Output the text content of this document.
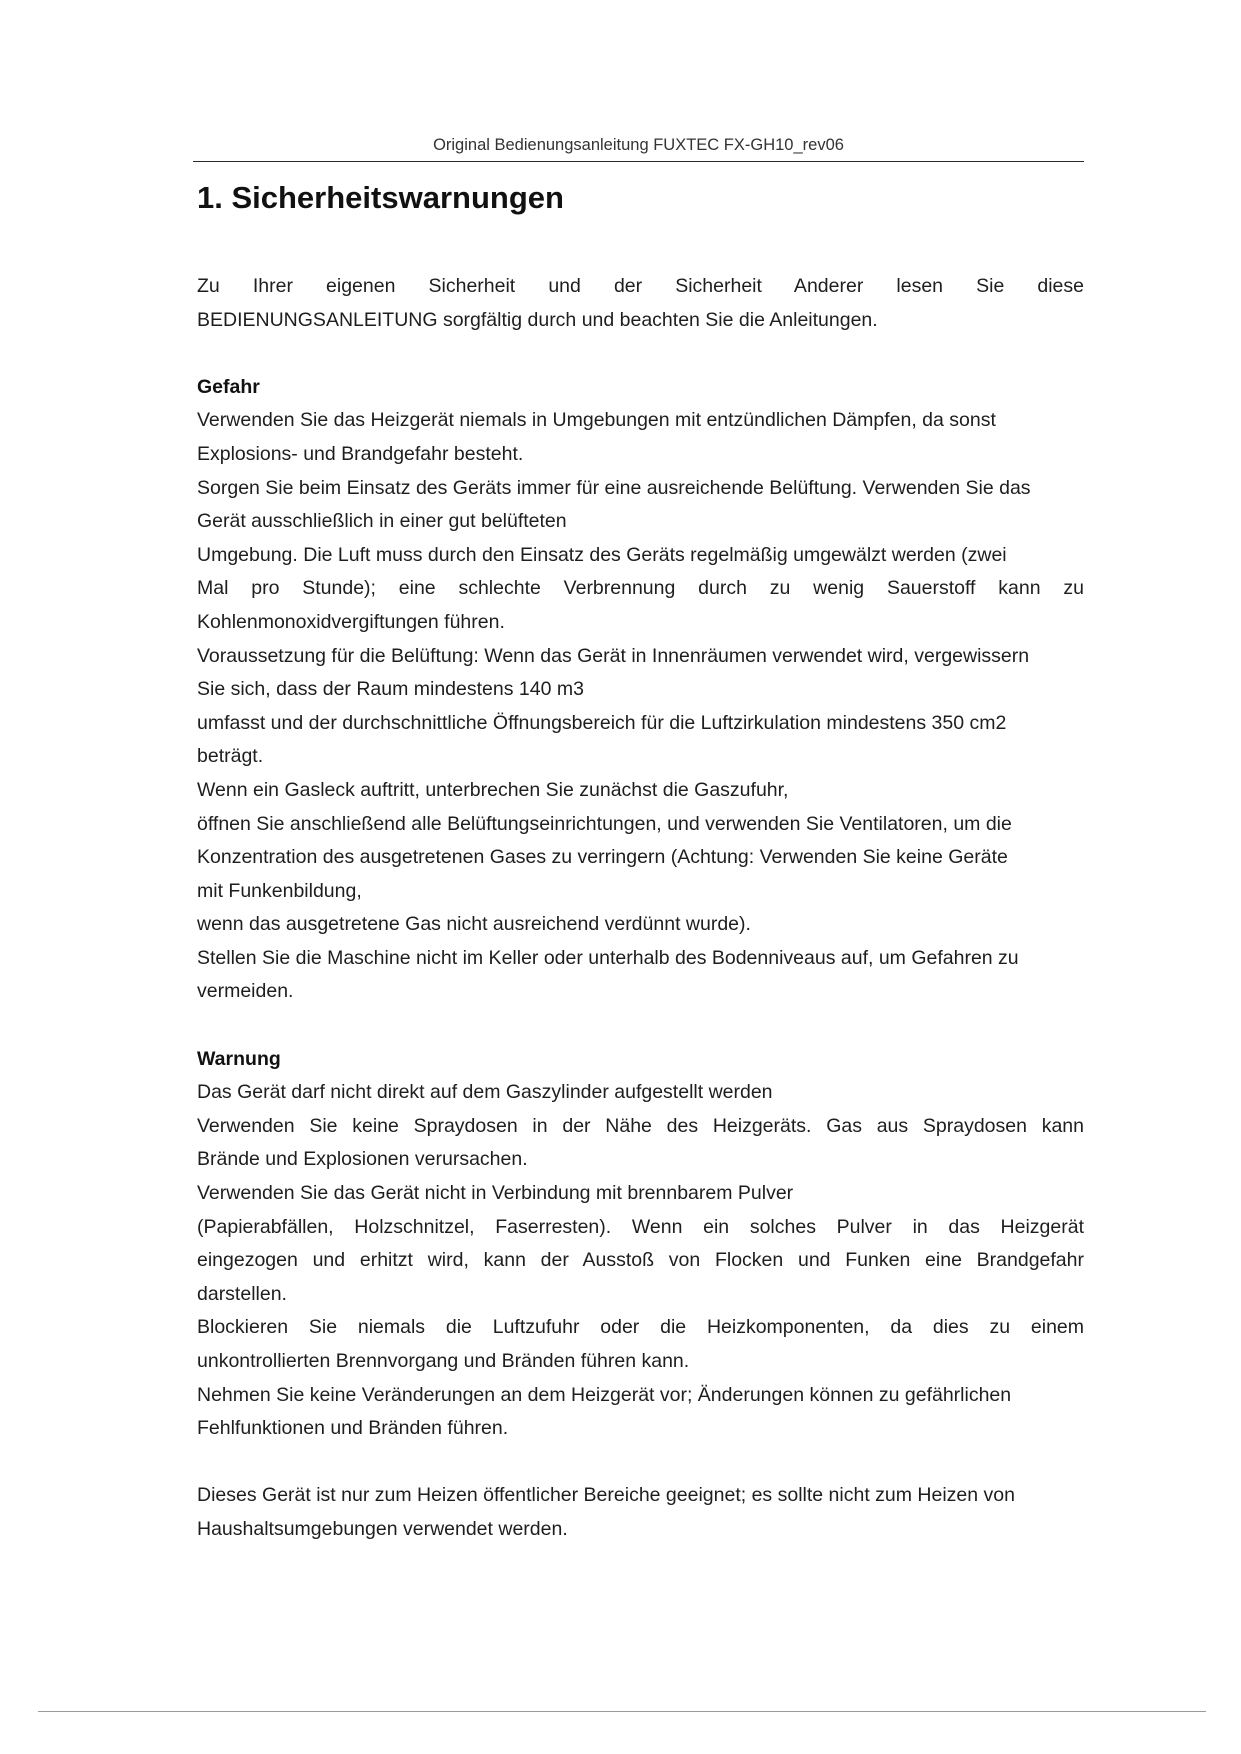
Original Bedienungsanleitung FUXTEC FX-GH10_rev06
1. Sicherheitswarnungen
Zu Ihrer eigenen Sicherheit und der Sicherheit Anderer lesen Sie diese
BEDIENUNGSANLEITUNG sorgfältig durch und beachten Sie die Anleitungen.
Gefahr
Verwenden Sie das Heizgerät niemals in Umgebungen mit entzündlichen Dämpfen, da sonst
Explosions- und Brandgefahr besteht.
Sorgen Sie beim Einsatz des Geräts immer für eine ausreichende Belüftung. Verwenden Sie das
Gerät ausschließlich in einer gut belüfteten
Umgebung. Die Luft muss durch den Einsatz des Geräts regelmäßig umgewälzt werden (zwei
Mal pro Stunde); eine schlechte Verbrennung durch zu wenig Sauerstoff kann zu
Kohlenmonoxidvergiftungen führen.
Voraussetzung für die Belüftung: Wenn das Gerät in Innenräumen verwendet wird, vergewissern
Sie sich, dass der Raum mindestens 140 m3
umfasst und der durchschnittliche Öffnungsbereich für die Luftzirkulation mindestens 350 cm2
beträgt.
Wenn ein Gasleck auftritt, unterbrechen Sie zunächst die Gaszufuhr,
öffnen Sie anschließend alle Belüftungseinrichtungen, und verwenden Sie Ventilatoren, um die
Konzentration des ausgetretenen Gases zu verringern (Achtung: Verwenden Sie keine Geräte
mit Funkenbildung,
wenn das ausgetretene Gas nicht ausreichend verdünnt wurde).
Stellen Sie die Maschine nicht im Keller oder unterhalb des Bodenniveaus auf, um Gefahren zu
vermeiden.
Warnung
Das Gerät darf nicht direkt auf dem Gaszylinder aufgestellt werden
Verwenden Sie keine Spraydosen in der Nähe des Heizgeräts. Gas aus Spraydosen kann
Brände und Explosionen verursachen.
Verwenden Sie das Gerät nicht in Verbindung mit brennbarem Pulver
(Papierabfällen, Holzschnitzel, Faserresten). Wenn ein solches Pulver in das Heizgerät
eingezogen und erhitzt wird, kann der Ausstoß von Flocken und Funken eine Brandgefahr
darstellen.
Blockieren Sie niemals die Luftzufuhr oder die Heizkomponenten, da dies zu einem
unkontrollierten Brennvorgang und Bränden führen kann.
Nehmen Sie keine Veränderungen an dem Heizgerät vor; Änderungen können zu gefährlichen
Fehlfunktionen und Bränden führen.
Dieses Gerät ist nur zum Heizen öffentlicher Bereiche geeignet; es sollte nicht zum Heizen von
Haushaltsumgebungen verwendet werden.
